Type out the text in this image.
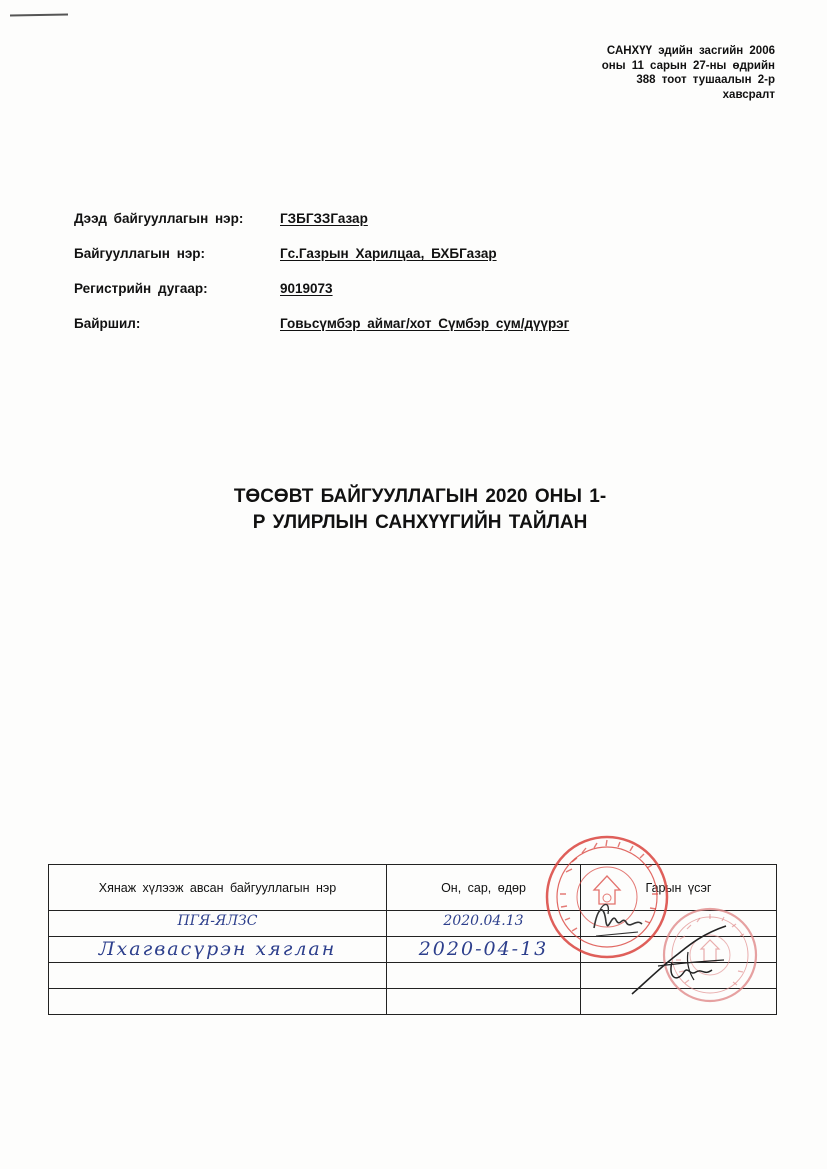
САНХҮҮ эдийн засгийн 2006
оны 11 сарын 27-ны өдрийн
388 тоот тушаалын 2-р
хавсралт
Дээд байгууллагын нэр:	ГЗБГЗЗГазар
Байгууллагын нэр:	Гс.Газрын Харилцаа, БХБГазар
Регистрийн дугаар:	9019073
Байршил:	Говьсүмбэр аймаг/хот Сүмбэр сум/дүүрэг
ТӨСӨВТ БАЙГУУЛЛАГЫН 2020 ОНЫ 1-
Р УЛИРЛЫН САНХҮҮГИЙН ТАЙЛАН
Хянаж хүлээж авсан байгууллагын нэр	Он, сар, өдөр	Гарын үсэг

ПГЯ-ЯЛЗС	2020.04.13	

Лхагвасүрэн хяглан	2020-04-13	
